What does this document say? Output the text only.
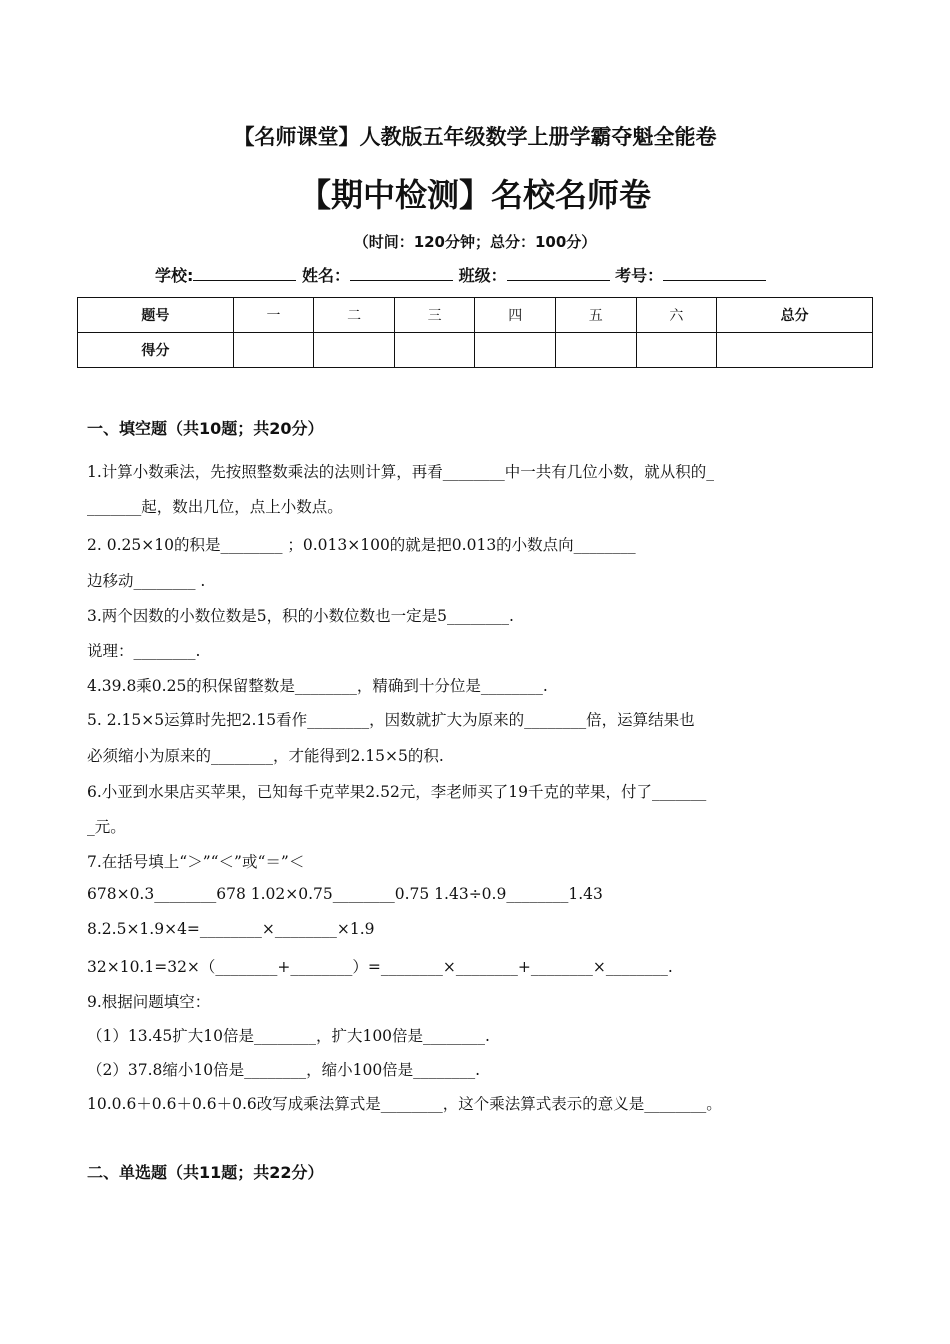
【名师课堂】人教版五年级数学上册学霸夺魁全能卷
【期中检测】名校名师卷
（时间：120分钟；总分：100分）
学校:	姓名：	班级：	考号：
题号	一	二	三	四	五	六	总分
得分							
一、填空题（共10题；共20分）
1.计算小数乘法，先按照整数乘法的法则计算，再看________中一共有几位小数，就从积的_
_______起，数出几位，点上小数点。
2. 0.25×10的积是________ ；0.013×100的就是把0.013的小数点向________
边移动________ .
3.两个因数的小数位数是5，积的小数位数也一定是5________.
说理：________.
4.39.8乘0.25的积保留整数是________，精确到十分位是________.
5. 2.15×5运算时先把2.15看作________，因数就扩大为原来的________倍，运算结果也
必须缩小为原来的________，才能得到2.15×5的积.
6.小亚到水果店买苹果，已知每千克苹果2.52元，李老师买了19千克的苹果，付了_______
_元。
7.在括号填上“＞”“＜”或“＝”＜
678×0.3________678 1.02×0.75________0.75 1.43÷0.9________1.43
8.2.5×1.9×4=________×________×1.9
32×10.1=32×（________+________）=________×________+________×________.
9.根据问题填空：
（1）13.45扩大10倍是________，扩大100倍是________.
（2）37.8缩小10倍是________，缩小100倍是________.
10.0.6＋0.6＋0.6＋0.6改写成乘法算式是________，这个乘法算式表示的意义是________。
二、单选题（共11题；共22分）
